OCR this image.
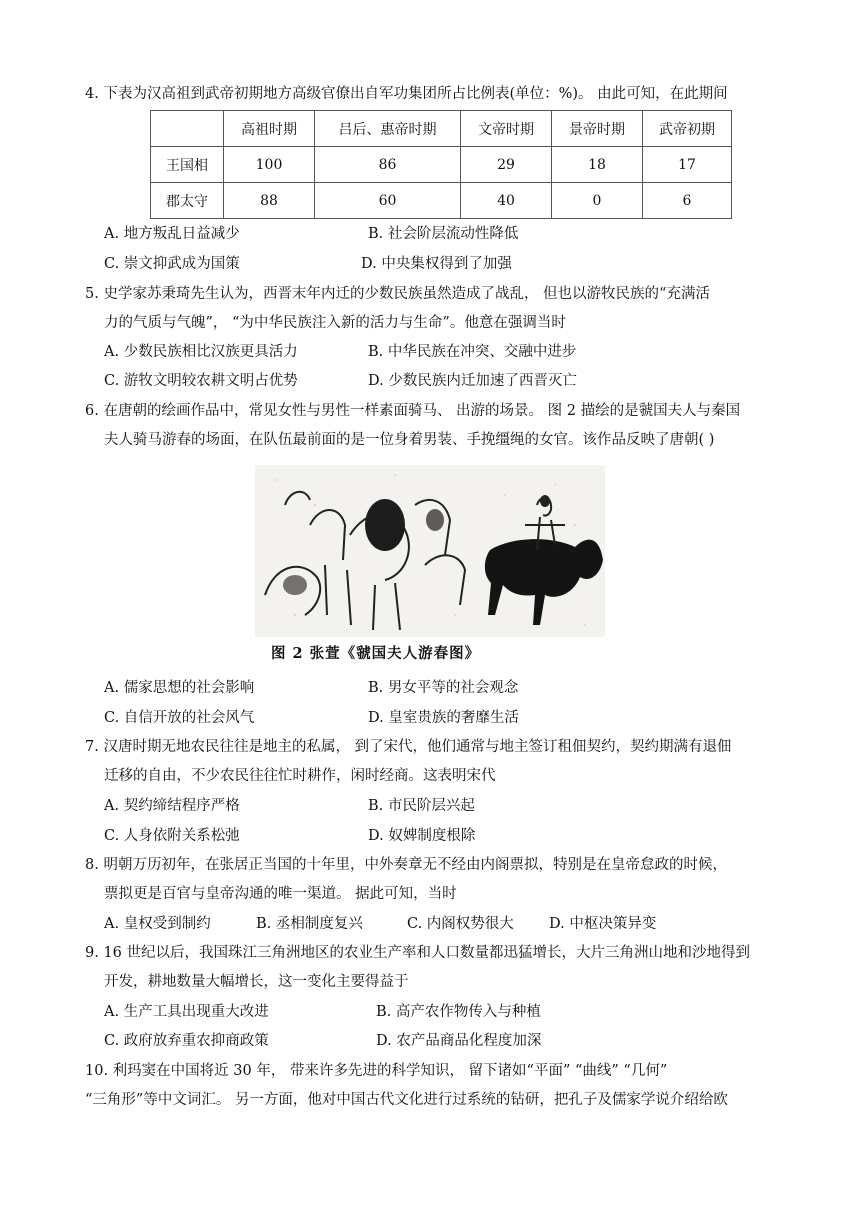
4. 下表为汉高祖到武帝初期地方高级官僚出自军功集团所占比例表(单位：%)。 由此可知，在此期间
	高祖时期	吕后、惠帝时期	文帝时期	景帝时期	武帝初期
王国相	100	86	29	18	17
郡太守	88	60	40	0	6
A. 地方叛乱日益减少	B. 社会阶层流动性降低
C. 崇文抑武成为国策	D. 中央集权得到了加强
5. 史学家苏秉琦先生认为，西晋末年内迁的少数民族虽然造成了战乱， 但也以游牧民族的“充满活
力的气质与气魄”， “为中华民族注入新的活力与生命”。他意在强调当时
A. 少数民族相比汉族更具活力	B. 中华民族在冲突、交融中进步
C. 游牧文明较农耕文明占优势	D. 少数民族内迁加速了西晋灭亡
6. 在唐朝的绘画作品中，常见女性与男性一样素面骑马、 出游的场景。 图 2 描绘的是虢国夫人与秦国
夫人骑马游春的场面，在队伍最前面的是一位身着男装、手挽缰绳的女官。该作品反映了唐朝( )
图 2 张萱《虢国夫人游春图》
A. 儒家思想的社会影响	B. 男女平等的社会观念
C. 自信开放的社会风气	D. 皇室贵族的奢靡生活
7. 汉唐时期无地农民往往是地主的私属， 到了宋代，他们通常与地主签订租佃契约，契约期满有退佃
迁移的自由，不少农民往往忙时耕作，闲时经商。这表明宋代
A. 契约缔结程序严格	B. 市民阶层兴起
C. 人身依附关系松弛	D. 奴婢制度根除
8. 明朝万历初年，在张居正当国的十年里，中外奏章无不经由内阁票拟，特别是在皇帝怠政的时候，
票拟更是百官与皇帝沟通的唯一渠道。 据此可知，当时
A. 皇权受到制约	B. 丞相制度复兴	C. 内阁权势很大 D. 中枢决策异变
9. 16 世纪以后，我国珠江三角洲地区的农业生产率和人口数量都迅猛增长，大片三角洲山地和沙地得到
开发，耕地数量大幅增长，这一变化主要得益于
A. 生产工具出现重大改进	B. 高产农作物传入与种植
C. 政府放弃重农抑商政策	D. 农产品商品化程度加深
10. 利玛窦在中国将近 30 年， 带来许多先进的科学知识， 留下诸如“平面” “曲线” “几何”
“三角形”等中文词汇。 另一方面，他对中国古代文化进行过系统的钻研，把孔子及儒家学说介绍给欧
